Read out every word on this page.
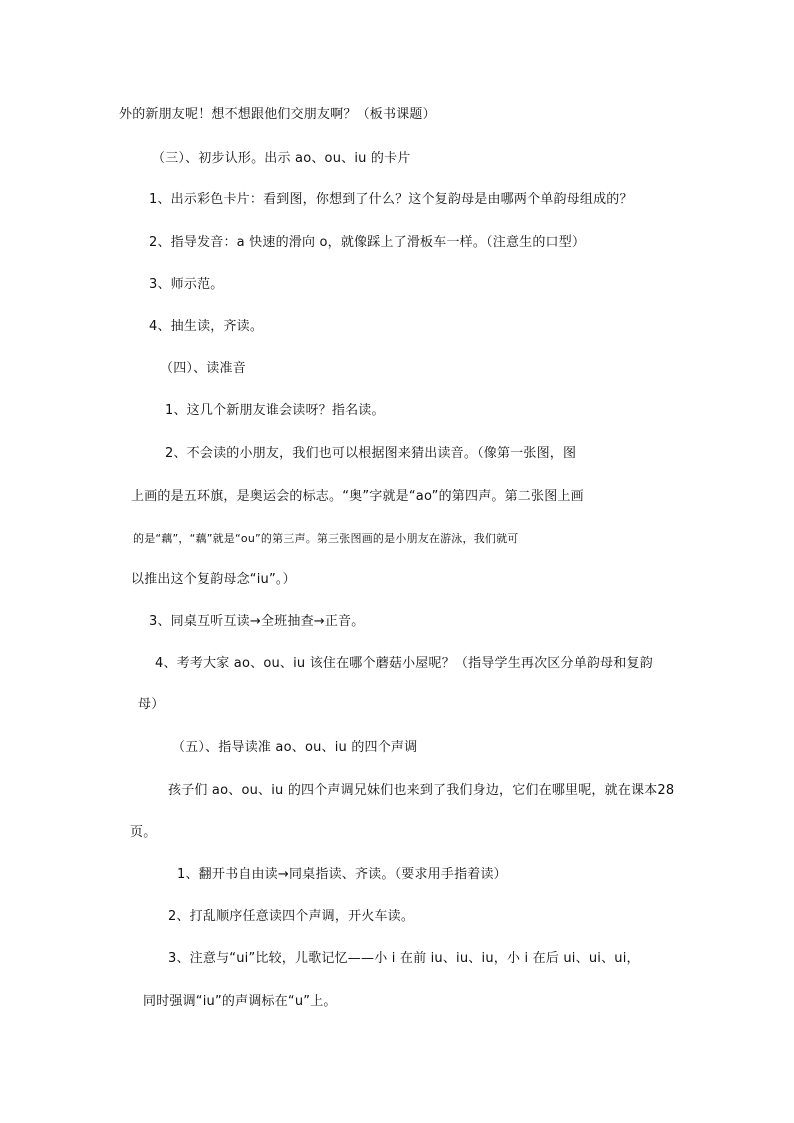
外的新朋友呢！想不想跟他们交朋友啊？（板书课题）
（三）、初步认形。出示 ao、ou、iu 的卡片
1、出示彩色卡片：看到图，你想到了什么？这个复韵母是由哪两个单韵母组成的？
2、指导发音：a 快速的滑向 o，就像踩上了滑板车一样。（注意生的口型）
3、师示范。
4、抽生读，齐读。
（四）、读准音
1、这几个新朋友谁会读呀？指名读。
2、不会读的小朋友，我们也可以根据图来猜出读音。（像第一张图，图
上画的是五环旗，是奥运会的标志。“奥”字就是“ao”的第四声。第二张图上画
的是“藕”，“藕”就是“ou”的第三声。第三张图画的是小朋友在游泳，我们就可
以推出这个复韵母念“iu”。）
3、同桌互听互读→全班抽查→正音。
4、考考大家 ao、ou、iu 该住在哪个蘑菇小屋呢？（指导学生再次区分单韵母和复韵
母）
（五）、指导读准 ao、ou、iu 的四个声调
孩子们 ao、ou、iu 的四个声调兄妹们也来到了我们身边，它们在哪里呢，就在课本28
页。
1、翻开书自由读→同桌指读、齐读。（要求用手指着读）
2、打乱顺序任意读四个声调，开火车读。
3、注意与“ui”比较，儿歌记忆——小 i 在前 iu、iu、iu，小 i 在后 ui、ui、ui，
同时强调“iu”的声调标在“u”上。
